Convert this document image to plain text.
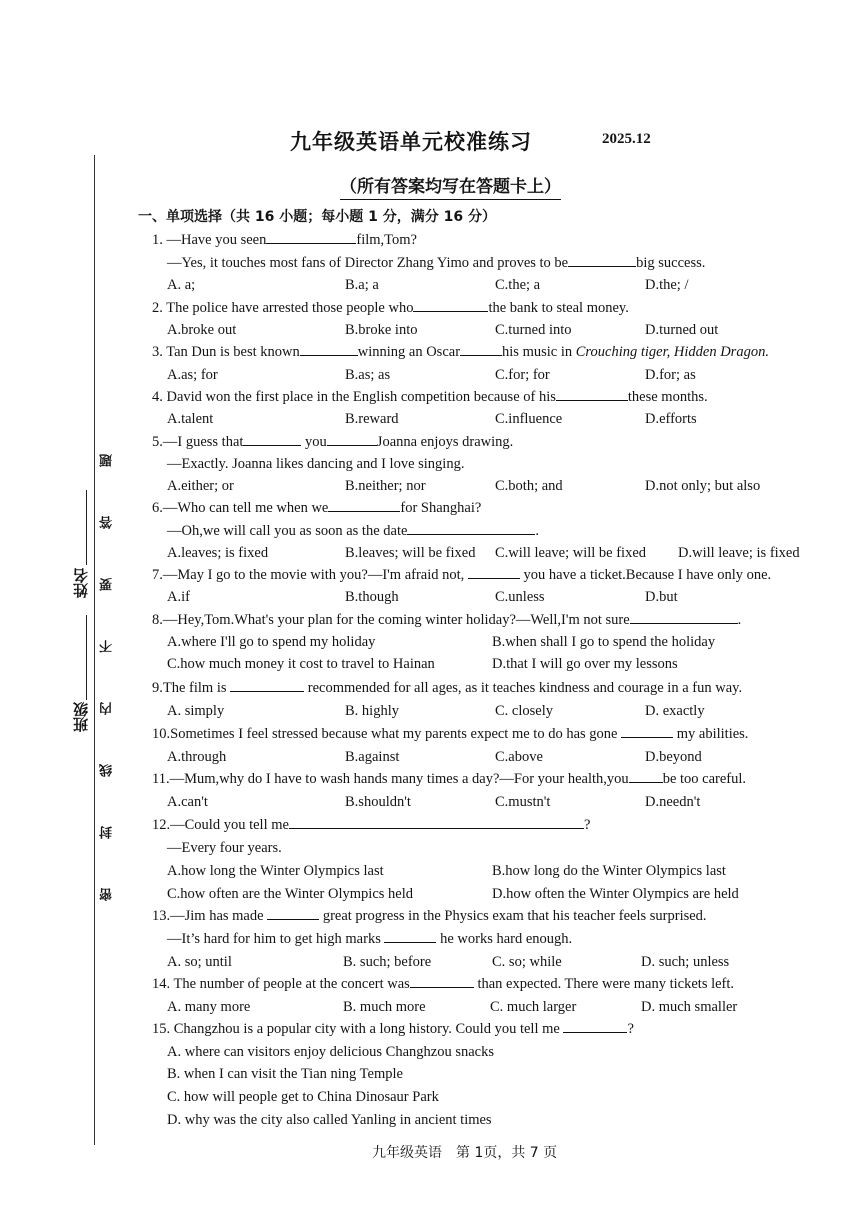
题
答
要
不
内
线
封
密
姓名
班级
九年级英语单元校准练习	2025.12
（所有答案均写在答题卡上）
一、单项选择（共 16 小题；每小题 1 分，满分 16 分）
1. —Have you seen	film,Tom?
—Yes, it touches most fans of Director Zhang Yimo and proves to be	big success.
A. a;	B.a; a	C.the; a	D.the; /
2. The police have arrested those people who	the bank to steal money.
A.broke out	B.broke into	C.turned into	D.turned out
3. Tan Dun is best known	winning an Oscar	his music in Crouching tiger, Hidden Dragon.
A.as; for	B.as; as	C.for; for	D.for; as
4. David won the first place in the English competition because of his	these months.
A.talent	B.reward	C.influence	D.efforts
5.—I guess that	you	Joanna enjoys drawing.
—Exactly. Joanna likes dancing and I love singing.
A.either; or	B.neither; nor	C.both; and	D.not only; but also
6.—Who can tell me when we	for Shanghai?
—Oh,we will call you as soon as the date	.
A.leaves; is fixed	B.leaves; will be fixed C.will leave; will be fixed D.will leave; is fixed
7.—May I go to the movie with you?—I'm afraid not,	you have a ticket.Because I have only one.
A.if	B.though	C.unless	D.but
8.—Hey,Tom.What's your plan for the coming winter holiday?—Well,I'm not sure	.
A.where I'll go to spend my holiday	B.when shall I go to spend the holiday
C.how much money it cost to travel to Hainan	D.that I will go over my lessons
9.The film is	recommended for all ages, as it teaches kindness and courage in a fun way.
A. simply	B. highly	C. closely	D. exactly
10.Sometimes I feel stressed because what my parents expect me to do has gone	my abilities.
A.through	B.against	C.above	D.beyond
11.—Mum,why do I have to wash hands many times a day?—For your health,you be too careful.
A.can't	B.shouldn't	C.mustn't	D.needn't
12.—Could you tell me	?
—Every four years.
A.how long the Winter Olympics last	B.how long do the Winter Olympics last
C.how often are the Winter Olympics held	D.how often the Winter Olympics are held
13.—Jim has made	great progress in the Physics exam that his teacher feels surprised.
—It’s hard for him to get high marks	he works hard enough.
A. so; until	B. such; before	C. so; while	D. such; unless
14. The number of people at the concert was	than expected. There were many tickets left.
A. many more	B. much more	C. much larger	D. much smaller
15. Changzhou is a popular city with a long history. Could you tell me	?
A. where can visitors enjoy delicious Changhzou snacks
B. when I can visit the Tian ning Temple
C. how will people get to China Dinosaur Park
D. why was the city also called Yanling in ancient times
九年级英语　第 1页，共 7 页
